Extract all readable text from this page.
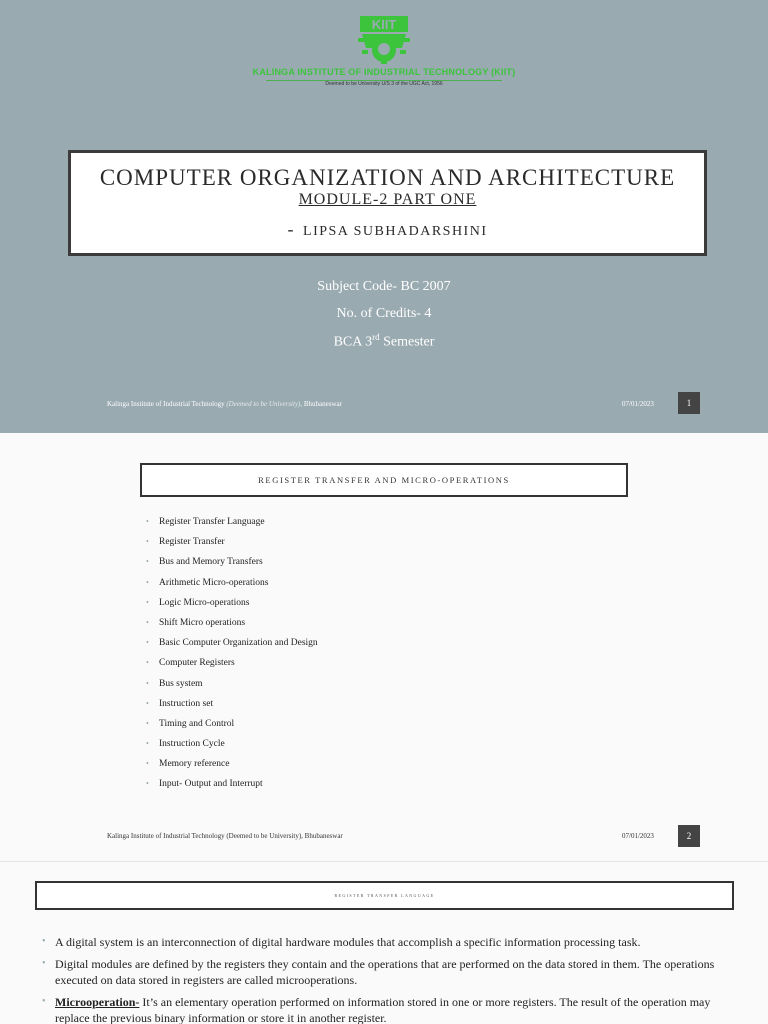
KIIT
KALINGA INSTITUTE OF INDUSTRIAL TECHNOLOGY (KIIT)
Deemed to be University U/S 3 of the UGC Act, 1956
COMPUTER ORGANIZATION AND ARCHITECTURE
MODULE-2 PART ONE
- LIPSA SUBHADARSHINI
Subject Code- BC 2007
No. of Credits- 4
BCA 3rd Semester
Kalinga Institute of Industrial Technology (Deemed to be University), Bhubaneswar	07/01/2023	1
REGISTER TRANSFER AND MICRO-OPERATIONS
• Register Transfer Language
• Register Transfer
• Bus and Memory Transfers
• Arithmetic Micro-operations
• Logic Micro-operations
• Shift Micro operations
• Basic Computer Organization and Design
• Computer Registers
• Bus system
• Instruction set
• Timing and Control
• Instruction Cycle
• Memory reference
• Input- Output and Interrupt
Kalinga Institute of Industrial Technology (Deemed to be University), Bhubaneswar	07/01/2023	2
REGISTER TRANSFER LANGUAGE
• A digital system is an interconnection of digital hardware modules that accomplish a specific information processing task.
• Digital modules are defined by the registers they contain and the operations that are performed on the data stored in them. The operations executed on data stored in registers are called microoperations.
• Microoperation- It’s an elementary operation performed on information stored in one or more registers. The result of the operation may replace the previous binary information or store it in another register.
